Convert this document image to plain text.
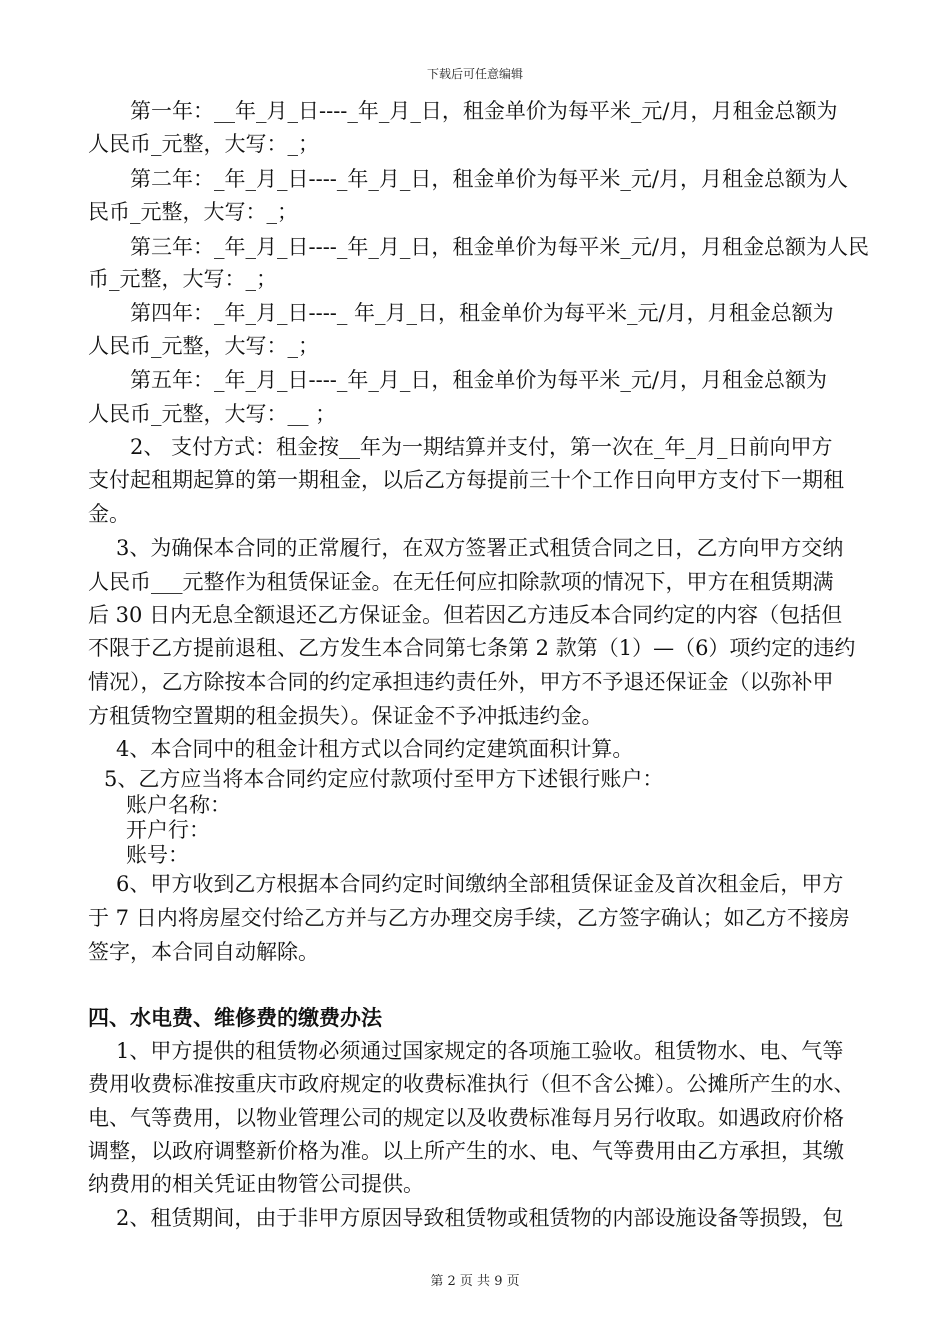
下载后可任意编辑
第一年：__年_月_日----_年_月_日，租金单价为每平米_元/月，月租金总额为
人民币_元整，大写：_；
第二年：_年_月_日----_年_月_日，租金单价为每平米_元/月，月租金总额为人
民币_元整，大写：_；
第三年：_年_月_日----_年_月_日，租金单价为每平米_元/月，月租金总额为人民
币_元整，大写：_；
第四年：_年_月_日----_ 年_月_日，租金单价为每平米_元/月，月租金总额为
人民币_元整，大写：_；
第五年：_年_月_日----_年_月_日，租金单价为每平米_元/月，月租金总额为
人民币_元整，大写：__ ；
2、 支付方式：租金按__年为一期结算并支付，第一次在_年_月_日前向甲方
支付起租期起算的第一期租金，以后乙方每提前三十个工作日向甲方支付下一期租
金。
3、为确保本合同的正常履行，在双方签署正式租赁合同之日，乙方向甲方交纳
人民币___元整作为租赁保证金。在无任何应扣除款项的情况下，甲方在租赁期满
后 30 日内无息全额退还乙方保证金。但若因乙方违反本合同约定的内容（包括但
不限于乙方提前退租、乙方发生本合同第七条第 2 款第（1）—（6）项约定的违约
情况），乙方除按本合同的约定承担违约责任外，甲方不予退还保证金（以弥补甲
方租赁物空置期的租金损失）。保证金不予冲抵违约金。
4、本合同中的租金计租方式以合同约定建筑面积计算。
5、乙方应当将本合同约定应付款项付至甲方下述银行账户：
账户名称：
开户行：
账号：
6、甲方收到乙方根据本合同约定时间缴纳全部租赁保证金及首次租金后，甲方
于 7 日内将房屋交付给乙方并与乙方办理交房手续，乙方签字确认；如乙方不接房
签字，本合同自动解除。
四、水电费、维修费的缴费办法
1、甲方提供的租赁物必须通过国家规定的各项施工验收。租赁物水、电、气等
费用收费标准按重庆市政府规定的收费标准执行（但不含公摊）。公摊所产生的水、
电、气等费用，以物业管理公司的规定以及收费标准每月另行收取。如遇政府价格
调整，以政府调整新价格为准。以上所产生的水、电、气等费用由乙方承担，其缴
纳费用的相关凭证由物管公司提供。
2、租赁期间，由于非甲方原因导致租赁物或租赁物的内部设施设备等损毁，包
第 2 页 共 9 页
